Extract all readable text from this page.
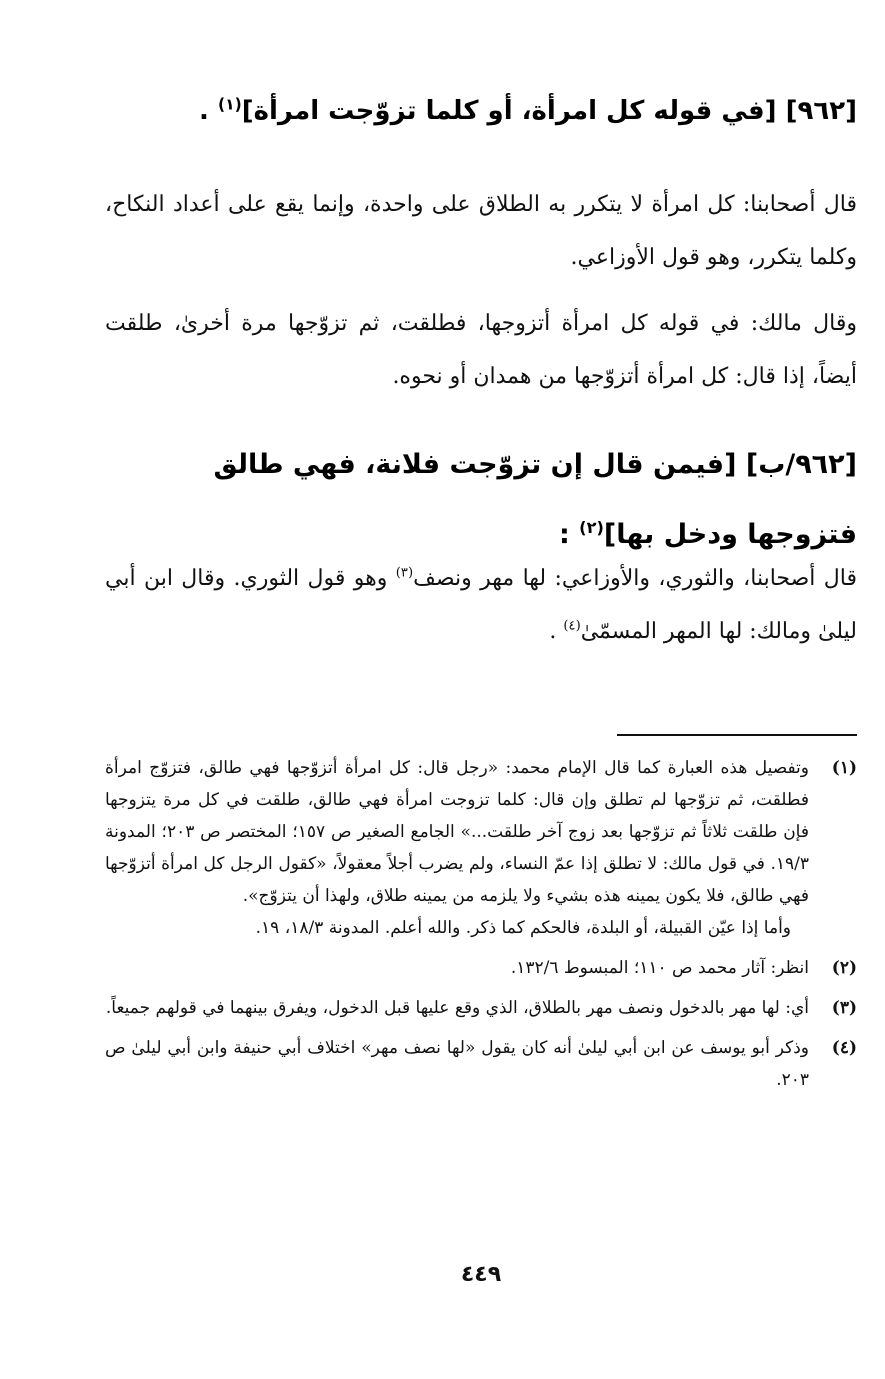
[٩٦٢] [في قوله كل امرأة، أو كلما تزوّجت امرأة]$^{(١)}$ .

قال أصحابنا: كل امرأة لا يتكرر به الطلاق على واحدة، وإنما يقع على أعداد النكاح، وكلما يتكرر، وهو قول الأوزاعي.

وقال مالك: في قوله كل امرأة أتزوجها، فطلقت، ثم تزوّجها مرة أخرىٰ، طلقت أيضاً، إذا قال: كل امرأة أتزوّجها من همدان أو نحوه.

[٩٦٢/ب] [فيمن قال إن تزوّجت فلانة، فهي طالق فتزوجها ودخل بها]$^{(٢)}$ :

قال أصحابنا، والثوري، والأوزاعي: لها مهر ونصف$^{(٣)}$ وهو قول الثوري. وقال ابن أبي ليلىٰ ومالك: لها المهر المسمّىٰ$^{(٤)}$ .

(١)

وتفصيل هذه العبارة كما قال الإمام محمد: «رجل قال: كل امرأة أتزوّجها فهي طالق، فتزوّج امرأة فطلقت، ثم تزوّجها لم تطلق وإن قال: كلما تزوجت امرأة فهي طالق، طلقت في كل مرة يتزوجها فإن طلقت ثلاثاً ثم تزوّجها بعد زوج آخر طلقت...» الجامع الصغير ص ١٥٧؛ المختصر ص ٢٠٣؛ المدونة ١٩/٣. في قول مالك: لا تطلق إذا عمّ النساء، ولم يضرب أجلاً معقولاً، «كقول الرجل كل امرأة أتزوّجها فهي طالق، فلا يكون يمينه هذه بشيء ولا يلزمه من يمينه طلاق، ولهذا أن يتزوّج».

وأما إذا عيّن القبيلة، أو البلدة، فالحكم كما ذكر. والله أعلم. المدونة ١٨/٣، ١٩.

(٢)

انظر: آثار محمد ص ١١٠؛ المبسوط ١٣٢/٦.

(٣)

أي: لها مهر بالدخول ونصف مهر بالطلاق، الذي وقع عليها قبل الدخول، ويفرق بينهما في قولهم جميعاً.

(٤)

وذكر أبو يوسف عن ابن أبي ليلىٰ أنه كان يقول «لها نصف مهر» اختلاف أبي حنيفة وابن أبي ليلىٰ ص ٢٠٣.

٤٤٩
